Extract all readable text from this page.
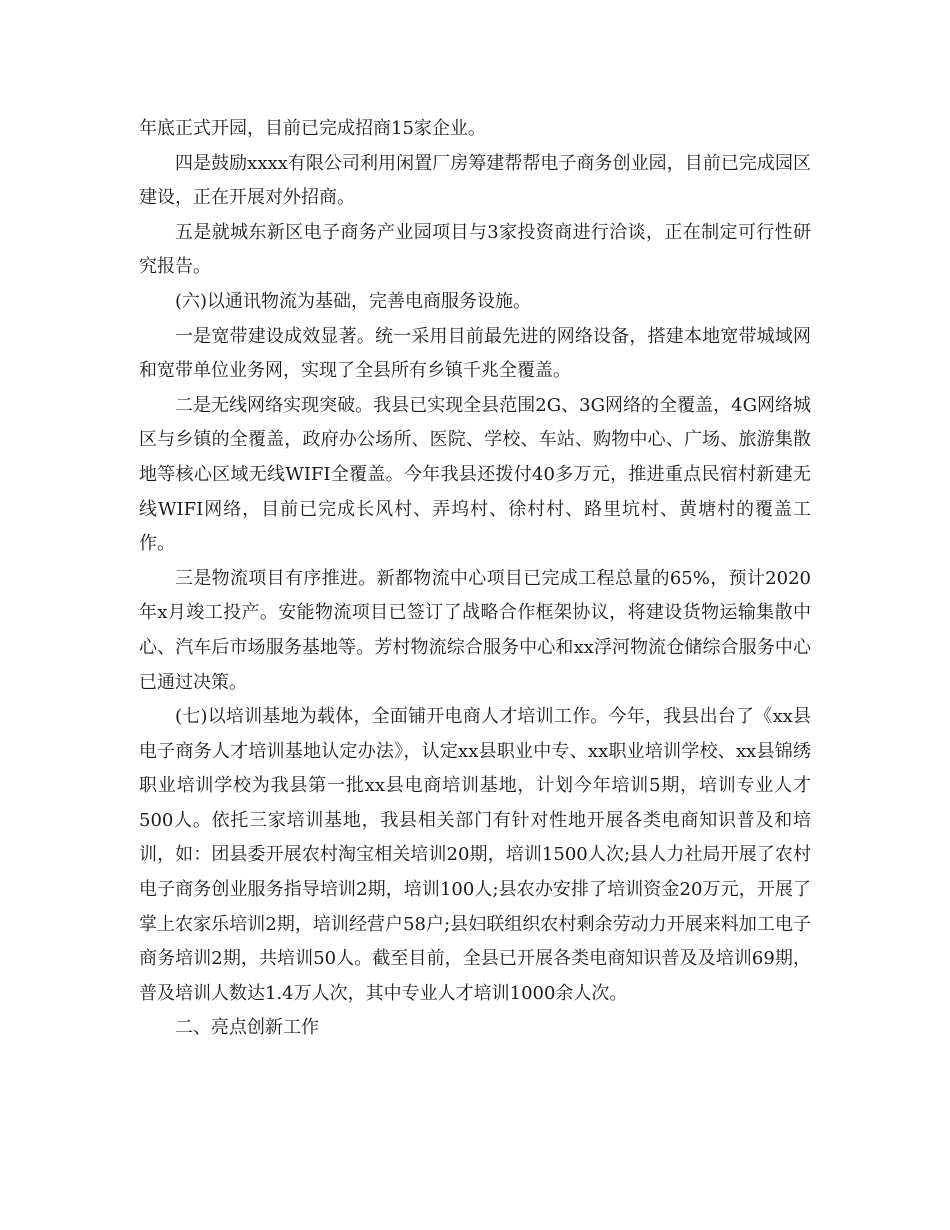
年底正式开园，目前已完成招商15家企业。

四是鼓励xxxx有限公司利用闲置厂房筹建帮帮电子商务创业园，目前已完成园区建设，正在开展对外招商。

五是就城东新区电子商务产业园项目与3家投资商进行洽谈，正在制定可行性研究报告。

(六)以通讯物流为基础，完善电商服务设施。

一是宽带建设成效显著。统一采用目前最先进的网络设备，搭建本地宽带城域网和宽带单位业务网，实现了全县所有乡镇千兆全覆盖。

二是无线网络实现突破。我县已实现全县范围2G、3G网络的全覆盖，4G网络城区与乡镇的全覆盖，政府办公场所、医院、学校、车站、购物中心、广场、旅游集散地等核心区域无线WIFI全覆盖。今年我县还拨付40多万元，推进重点民宿村新建无线WIFI网络，目前已完成长风村、弄坞村、徐村村、路里坑村、黄塘村的覆盖工作。

三是物流项目有序推进。新都物流中心项目已完成工程总量的65%，预计2020年x月竣工投产。安能物流项目已签订了战略合作框架协议，将建设货物运输集散中心、汽车后市场服务基地等。芳村物流综合服务中心和xx浮河物流仓储综合服务中心已通过决策。

(七)以培训基地为载体，全面铺开电商人才培训工作。今年，我县出台了《xx县电子商务人才培训基地认定办法》，认定xx县职业中专、xx职业培训学校、xx县锦绣职业培训学校为我县第一批xx县电商培训基地，计划今年培训5期，培训专业人才500人。依托三家培训基地，我县相关部门有针对性地开展各类电商知识普及和培训，如：团县委开展农村淘宝相关培训20期，培训1500人次;县人力社局开展了农村电子商务创业服务指导培训2期，培训100人;县农办安排了培训资金20万元，开展了掌上农家乐培训2期，培训经营户58户;县妇联组织农村剩余劳动力开展来料加工电子商务培训2期，共培训50人。截至目前，全县已开展各类电商知识普及及培训69期，普及培训人数达1.4万人次，其中专业人才培训1000余人次。

二、亮点创新工作
